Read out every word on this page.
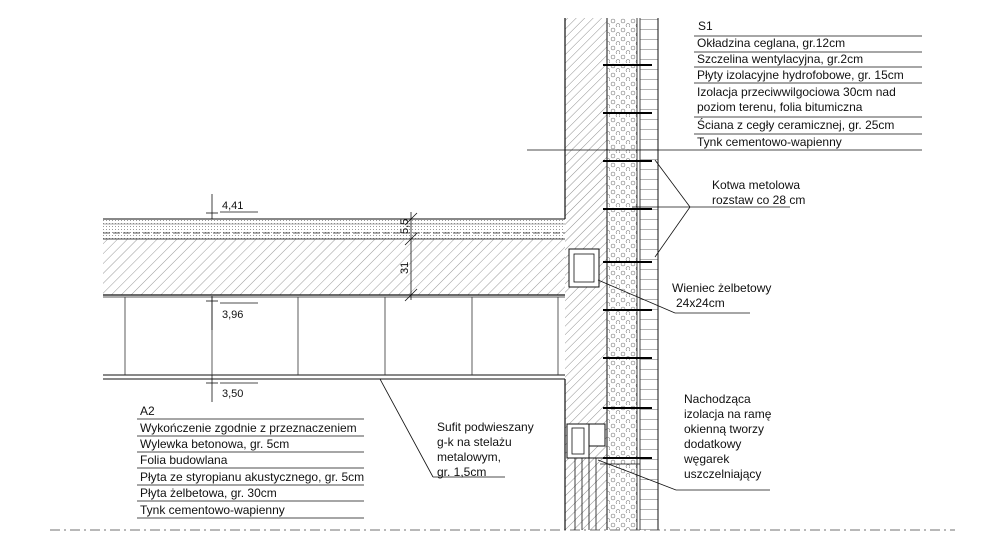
4,41
3,96
3,50
5,5
31
S1
Okładzina ceglana, gr.12cm
Szczelina wentylacyjna, gr.2cm
Płyty izolacyjne hydrofobowe, gr. 15cm
Izolacja przeciwwilgociowa 30cm nad
poziom terenu, folia bitumiczna
Ściana z cegły ceramicznej, gr. 25cm
Tynk cementowo-wapienny
A2
Wykończenie zgodnie z przeznaczeniem
Wylewka betonowa, gr. 5cm
Folia budowlana
Płyta ze styropianu akustycznego, gr. 5cm
Płyta żelbetowa, gr. 30cm
Tynk cementowo-wapienny
Kotwa metolowa
rozstaw co 28 cm
Wieniec żelbetowy
24x24cm
Sufit podwieszany
g-k na stelażu
metalowym,
gr. 1,5cm
Nachodząca
izolacja na ramę
okienną tworzy
dodatkowy
węgarek
uszczelniający
